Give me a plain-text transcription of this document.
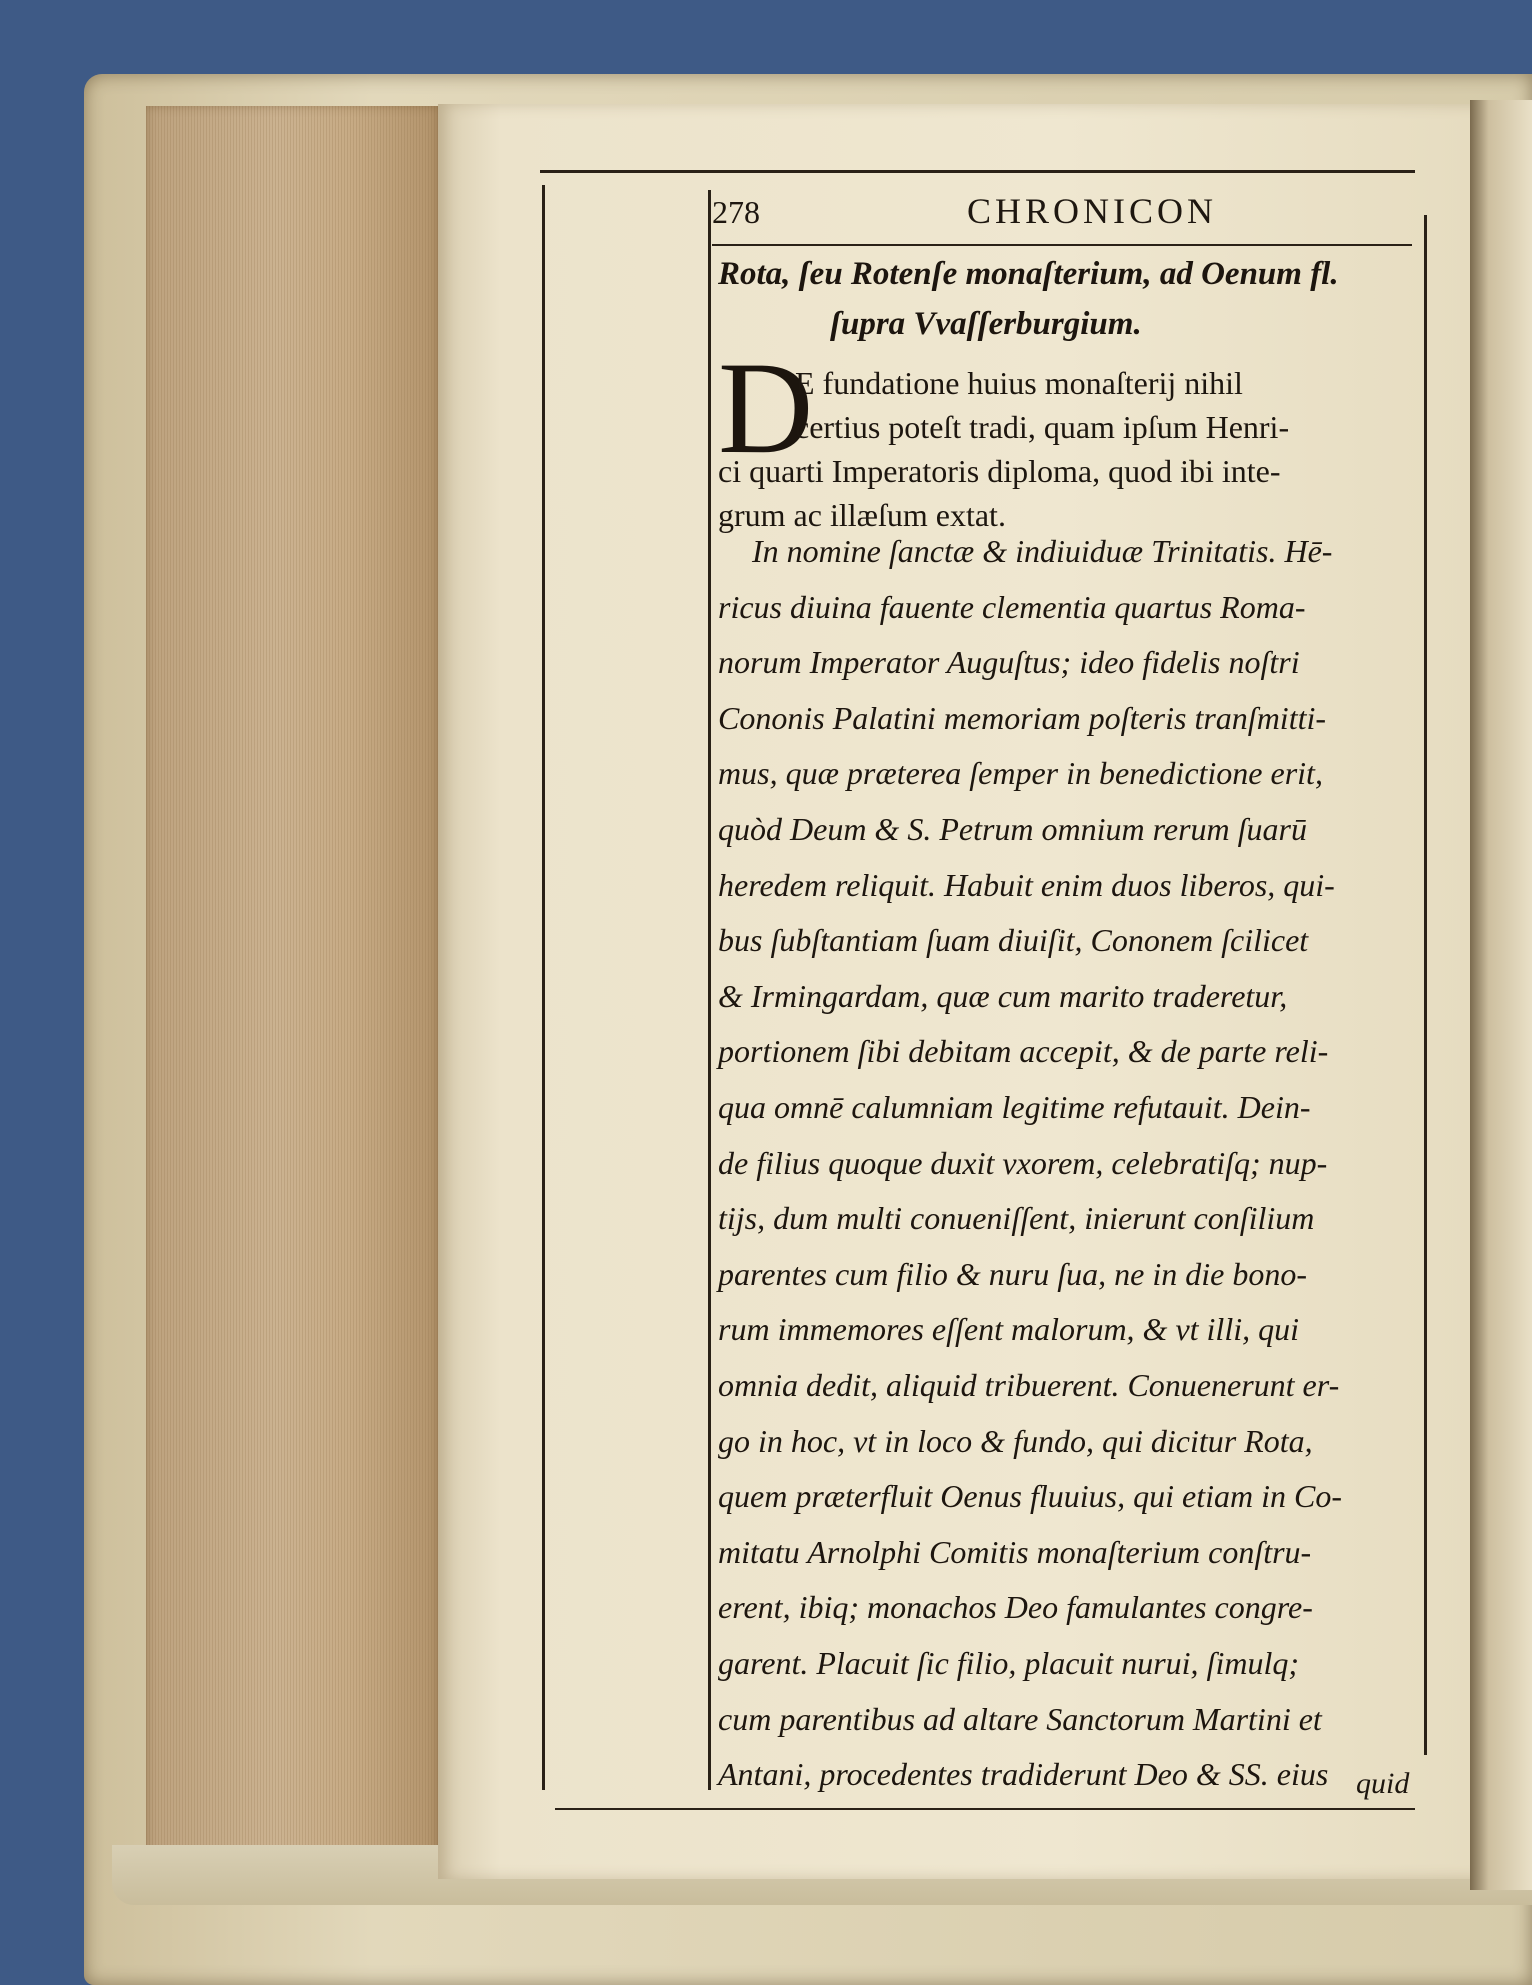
278	CHRONICON
Rota, ſeu Rotenſe monaſterium, ad Oenum fl.
ſupra Vvaſſerburgium.
D
E fundatione huius monaſterij nihil
certius poteſt tradi, quam ipſum Henri-
ci quarti Imperatoris diploma, quod ibi inte-
grum ac illæſum extat.
In nomine ſanctæ & indiuiduæ Trinitatis. Hē-
ricus diuina fauente clementia quartus Roma-
norum Imperator Auguſtus; ideo fidelis noſtri
Cononis Palatini memoriam poſteris tranſmitti-
mus, quæ præterea ſemper in benedictione erit,
quòd Deum & S. Petrum omnium rerum ſuarū
heredem reliquit. Habuit enim duos liberos, qui-
bus ſubſtantiam ſuam diuiſit, Cononem ſcilicet
& Irmingardam, quæ cum marito traderetur,
portionem ſibi debitam accepit, & de parte reli-
qua omnē calumniam legitime refutauit. Dein-
de filius quoque duxit vxorem, celebratiſq; nup-
tijs, dum multi conueniſſent, inierunt conſilium
parentes cum filio & nuru ſua, ne in die bono-
rum immemores eſſent malorum, & vt illi, qui
omnia dedit, aliquid tribuerent. Conuenerunt er-
go in hoc, vt in loco & fundo, qui dicitur Rota,
quem præterfluit Oenus fluuius, qui etiam in Co-
mitatu Arnolphi Comitis monaſterium conſtru-
erent, ibiq; monachos Deo famulantes congre-
garent. Placuit ſic filio, placuit nurui, ſimulq;
cum parentibus ad altare Sanctorum Martini et
Antani, procedentes tradiderunt Deo & SS. eius quid
